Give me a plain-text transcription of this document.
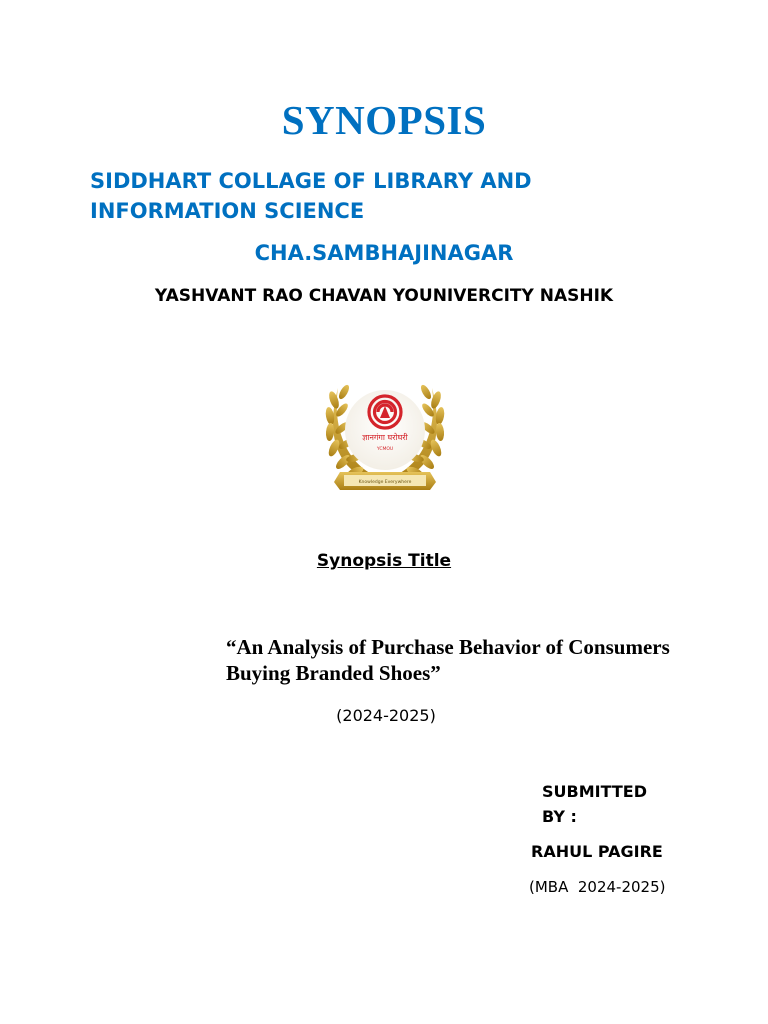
SYNOPSIS
SIDDHART COLLAGE OF LIBRARY AND INFORMATION SCIENCE
CHA.SAMBHAJINAGAR
YASHVANT RAO CHAVAN YOUNIVERCITY NASHIK
ज्ञानगंगा घरोघरी
YCMOU
Knowledge Everywhere
Synopsis Title
“An Analysis of Purchase Behavior of Consumers Buying Branded Shoes”
(2024-2025)
SUBMITTED BY :
RAHUL PAGIRE
(MBA  2024-2025)
